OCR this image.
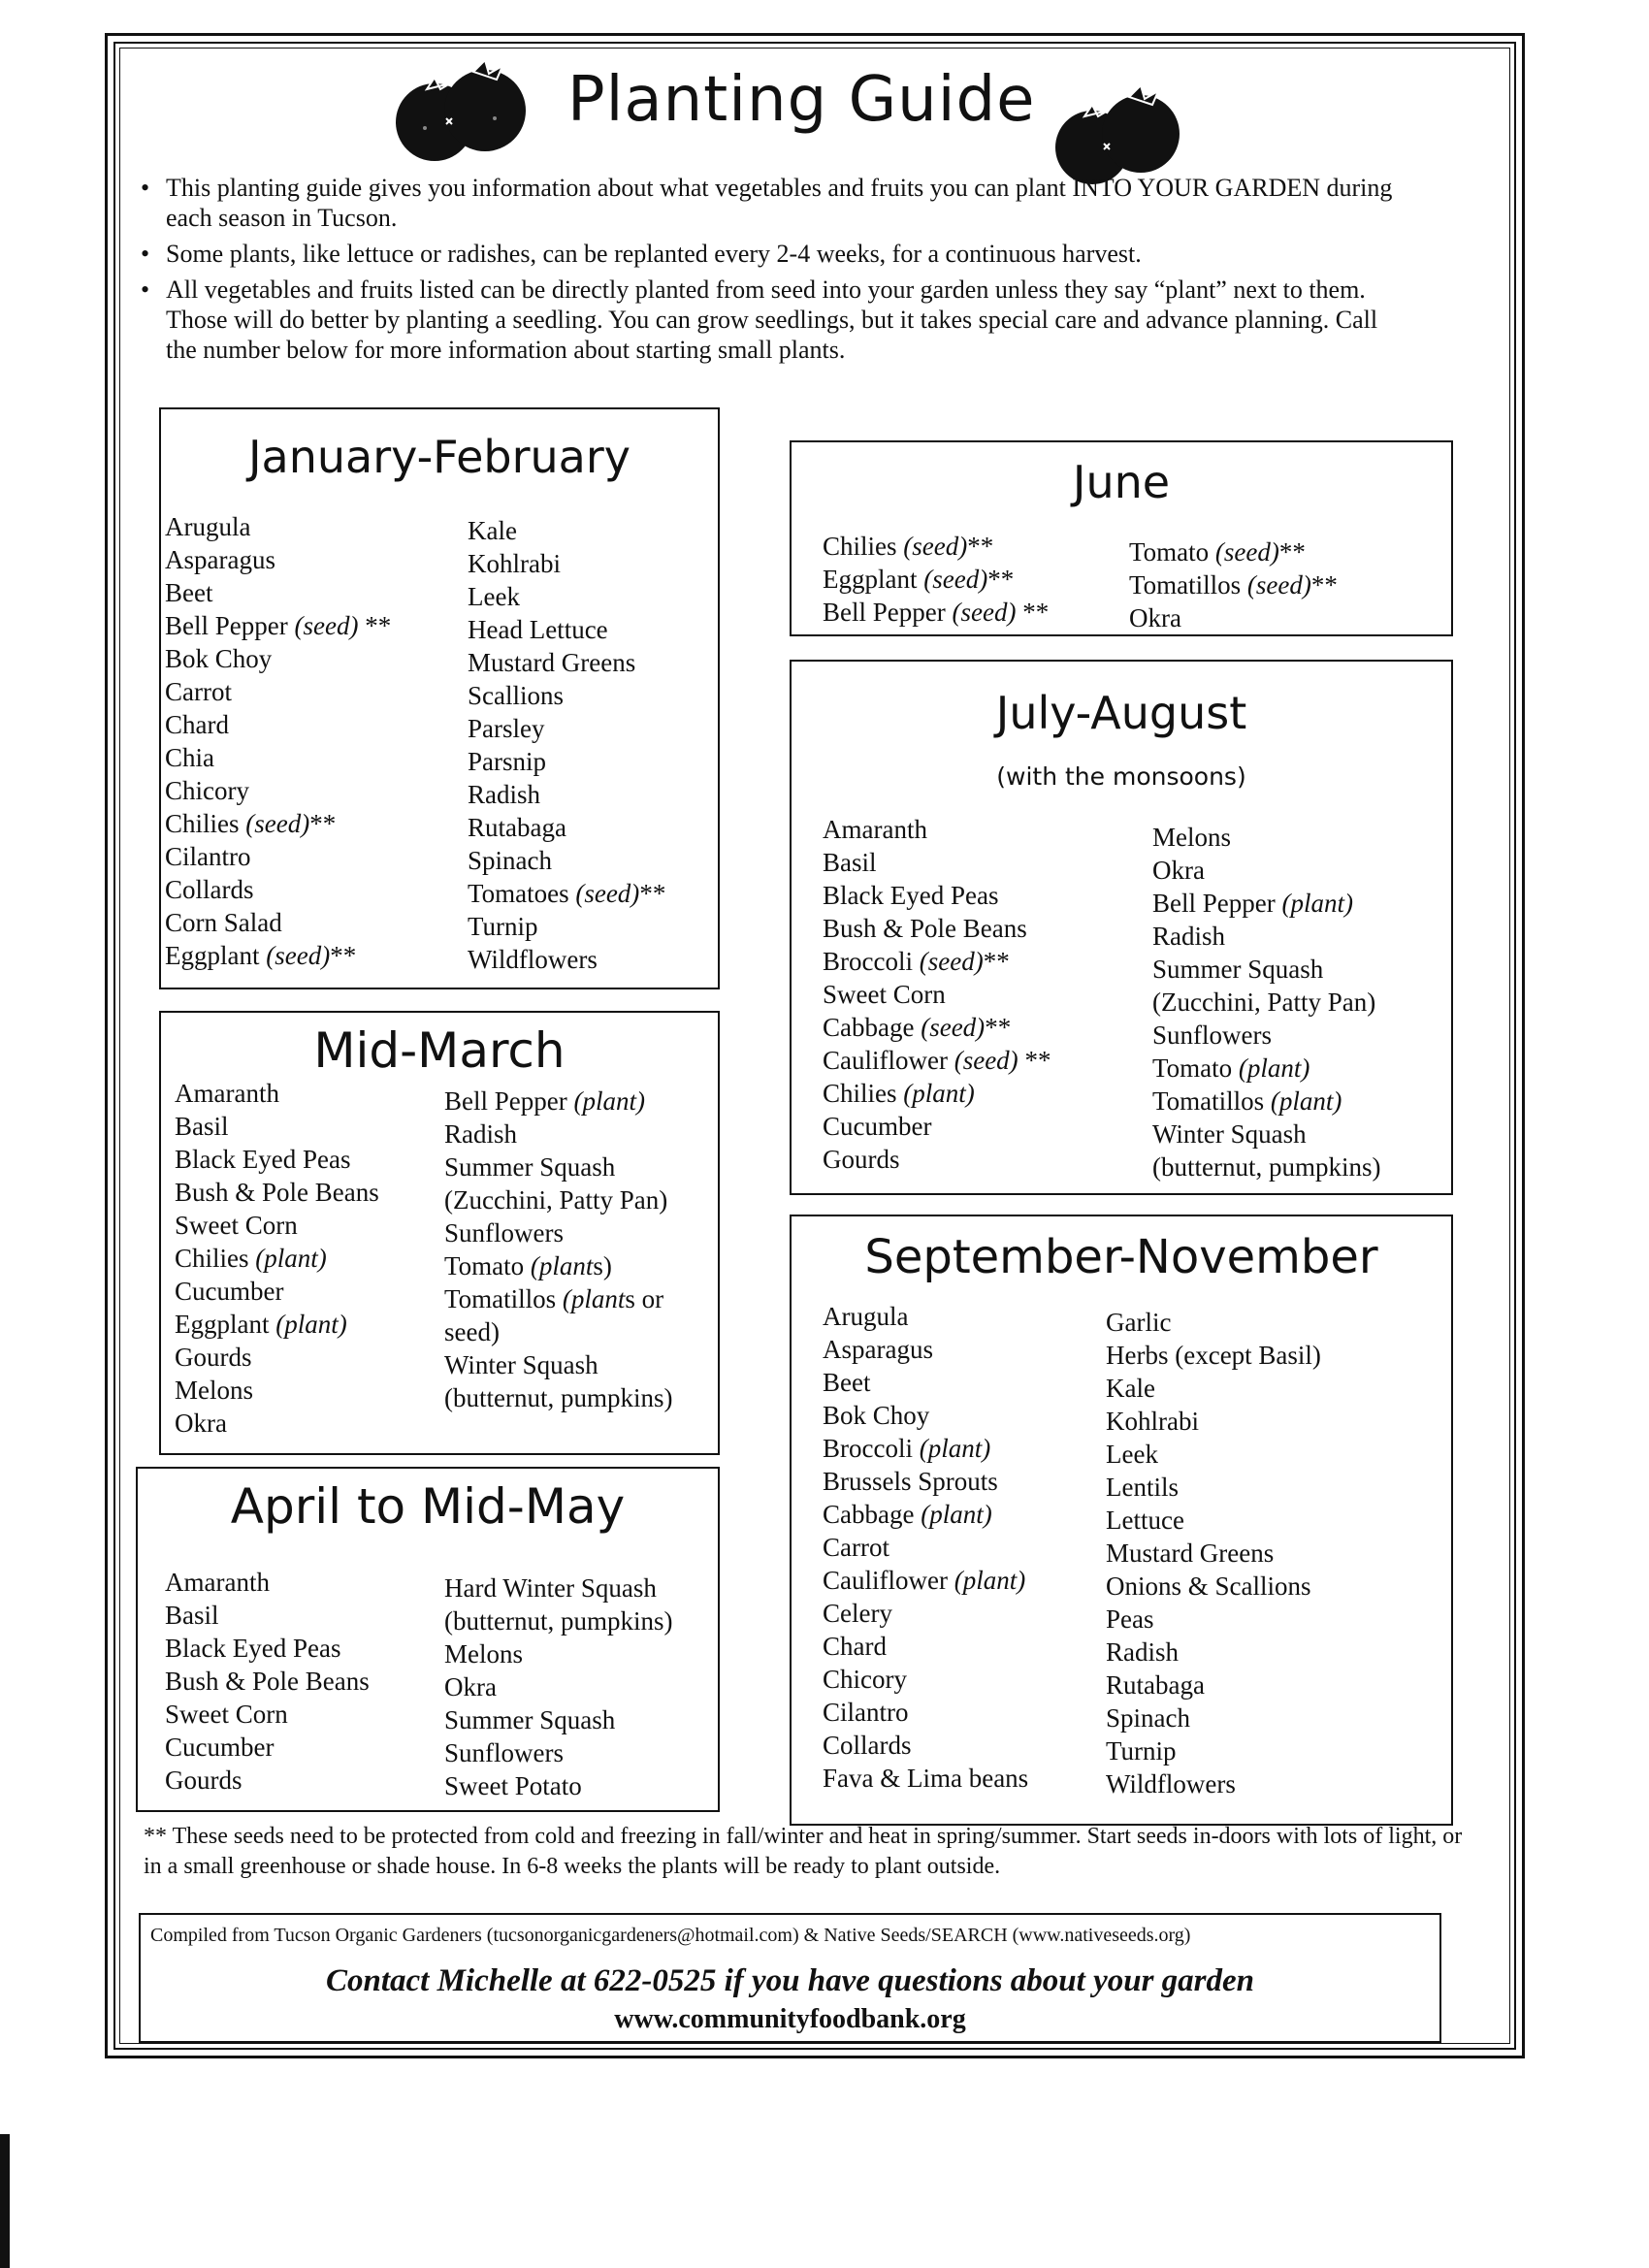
Planting Guide

• This planting guide gives you information about what vegetables and fruits you can plant INTO YOUR GARDEN during each season in Tucson.

• Some plants, like lettuce or radishes, can be replanted every 2-4 weeks, for a continuous harvest.

• All vegetables and fruits listed can be directly planted from seed into your garden unless they say “plant” next to them. Those will do better by planting a seedling. You can grow seedlings, but it takes special care and advance planning. Call the number below for more information about starting small plants.

January-February
Arugula
Asparagus
Beet
Bell Pepper (seed) **
Bok Choy
Carrot
Chard
Chia
Chicory
Chilies (seed)**
Cilantro
Collards
Corn Salad
Eggplant (seed)**
Kale
Kohlrabi
Leek
Head Lettuce
Mustard Greens
Scallions
Parsley
Parsnip
Radish
Rutabaga
Spinach
Tomatoes (seed)**
Turnip
Wildflowers
Mid-March
Amaranth
Basil
Black Eyed Peas
Bush & Pole Beans
Sweet Corn
Chilies (plant)
Cucumber
Eggplant (plant)
Gourds
Melons
Okra
Bell Pepper (plant)
Radish
Summer Squash
(Zucchini, Patty Pan)
Sunflowers
Tomato (plants)
Tomatillos (plants or
seed)
Winter Squash
(butternut, pumpkins)
April to Mid-May
Amaranth
Basil
Black Eyed Peas
Bush & Pole Beans
Sweet Corn
Cucumber
Gourds
Hard Winter Squash
(butternut, pumpkins)
Melons
Okra
Summer Squash
Sunflowers
Sweet Potato
June
Chilies (seed)**
Eggplant (seed)**
Bell Pepper (seed) **
Tomato (seed)**
Tomatillos (seed)**
Okra
July-August
(with the monsoons)
Amaranth
Basil
Black Eyed Peas
Bush & Pole Beans
Broccoli (seed)**
Sweet Corn
Cabbage (seed)**
Cauliflower (seed) **
Chilies (plant)
Cucumber
Gourds
Melons
Okra
Bell Pepper (plant)
Radish
Summer Squash
(Zucchini, Patty Pan)
Sunflowers
Tomato (plant)
Tomatillos (plant)
Winter Squash
(butternut, pumpkins)
September-November
Arugula
Asparagus
Beet
Bok Choy
Broccoli (plant)
Brussels Sprouts
Cabbage (plant)
Carrot
Cauliflower (plant)
Celery
Chard
Chicory
Cilantro
Collards
Fava & Lima beans
Garlic
Herbs (except Basil)
Kale
Kohlrabi
Leek
Lentils
Lettuce
Mustard Greens
Onions & Scallions
Peas
Radish
Rutabaga
Spinach
Turnip
Wildflowers
** These seeds need to be protected from cold and freezing in fall/winter and heat in spring/summer. Start seeds in-doors with lots of light, or in a small greenhouse or shade house. In 6-8 weeks the plants will be ready to plant outside.
Compiled from Tucson Organic Gardeners (tucsonorganicgardeners@hotmail.com) & Native Seeds/SEARCH (www.nativeseeds.org)
Contact Michelle at 622-0525 if you have questions about your garden
www.communityfoodbank.org
